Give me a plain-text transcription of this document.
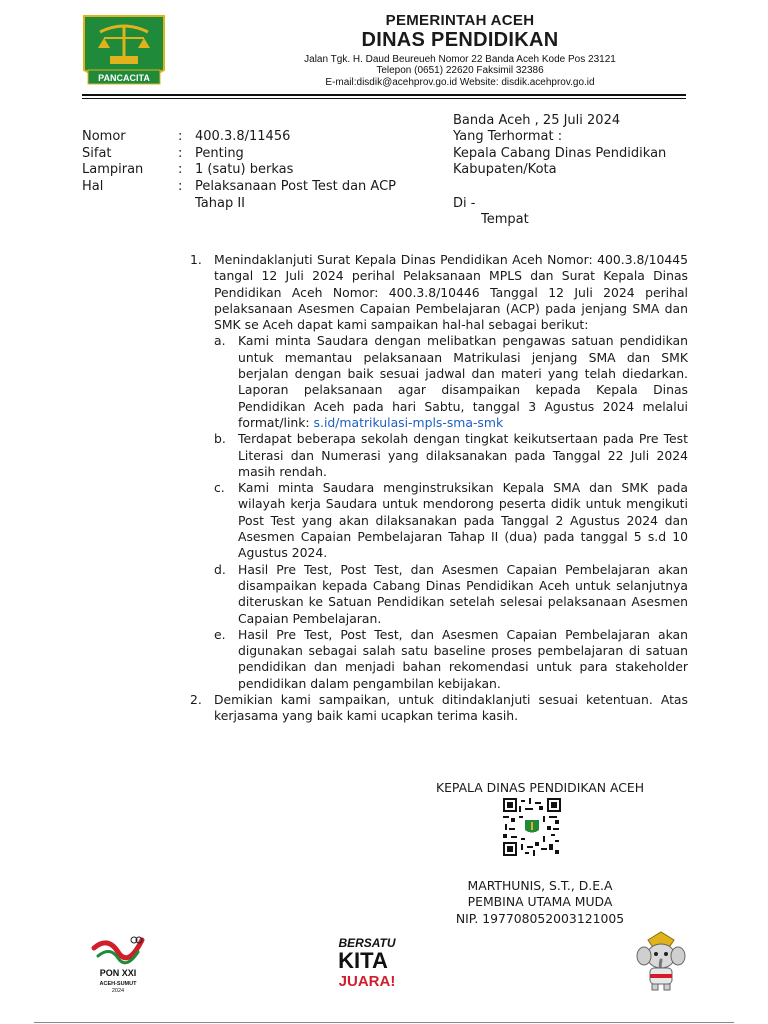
PANCACITA
PEMERINTAH ACEH
DINAS PENDIDIKAN
Jalan Tgk. H. Daud Beureueh Nomor 22 Banda Aceh Kode Pos 23121
Telepon (0651) 22620 Faksimil 32386
E-mail:disdik@acehprov.go.id Website: disdik.acehprov.go.id
Nomor	: 400.3.8/11456
Sifat	: Penting
Lampiran	: 1 (satu) berkas
Hal	: Pelaksanaan Post Test dan ACP
Tahap II
Banda Aceh , 25 Juli 2024
Yang Terhormat :
Kepala Cabang Dinas Pendidikan
Kabupaten/Kota
Di -
Tempat
1. Menindaklanjuti Surat Kepala Dinas Pendidikan Aceh Nomor: 400.3.8/10445 tangal 12 Juli 2024 perihal Pelaksanaan MPLS dan Surat Kepala Dinas Pendidikan Aceh Nomor: 400.3.8/10446 Tanggal 12 Juli 2024 perihal pelaksanaan Asesmen Capaian Pembelajaran (ACP) pada jenjang SMA dan SMK se Aceh dapat kami sampaikan hal-hal sebagai berikut:
a. Kami minta Saudara dengan melibatkan pengawas satuan pendidikan untuk memantau pelaksanaan Matrikulasi jenjang SMA dan SMK berjalan dengan baik sesuai jadwal dan materi yang telah diedarkan. Laporan pelaksanaan agar disampaikan kepada Kepala Dinas Pendidikan Aceh pada hari Sabtu, tanggal 3 Agustus 2024 melalui format/link: s.id/matrikulasi-mpls-sma-smk
b. Terdapat beberapa sekolah dengan tingkat keikutsertaan pada Pre Test Literasi dan Numerasi yang dilaksanakan pada Tanggal 22 Juli 2024 masih rendah.
c. Kami minta Saudara menginstruksikan Kepala SMA dan SMK pada wilayah kerja Saudara untuk mendorong peserta didik untuk mengikuti Post Test yang akan dilaksanakan pada Tanggal 2 Agustus 2024 dan Asesmen Capaian Pembelajaran Tahap II (dua) pada tanggal 5 s.d 10 Agustus 2024.
d. Hasil Pre Test, Post Test, dan Asesmen Capaian Pembelajaran akan disampaikan kepada Cabang Dinas Pendidikan Aceh untuk selanjutnya diteruskan ke Satuan Pendidikan setelah selesai pelaksanaan Asesmen Capaian Pembelajaran.
e. Hasil Pre Test, Post Test, dan Asesmen Capaian Pembelajaran akan digunakan sebagai salah satu baseline proses pembelajaran di satuan pendidikan dan menjadi bahan rekomendasi untuk para stakeholder pendidikan dalam pengambilan kebijakan.
2. Demikian kami sampaikan, untuk ditindaklanjuti sesuai ketentuan. Atas kerjasama yang baik kami ucapkan terima kasih.
KEPALA DINAS PENDIDIKAN ACEH
MARTHUNIS, S.T., D.E.A
PEMBINA UTAMA MUDA
NIP. 197708052003121005
PON XXI
ACEH-SUMUT
2024
BERSATU
KITA
JUARA!
